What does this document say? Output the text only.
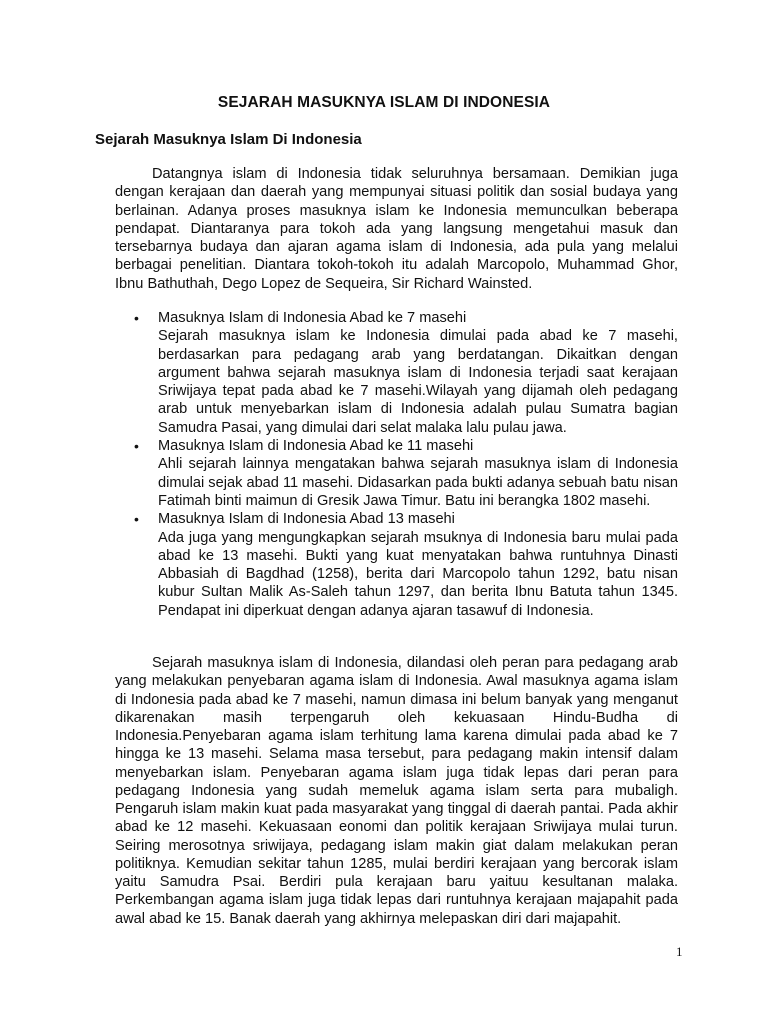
SEJARAH MASUKNYA ISLAM DI INDONESIA
Sejarah Masuknya Islam Di Indonesia

Datangnya islam di Indonesia tidak seluruhnya bersamaan. Demikian juga dengan kerajaan dan daerah yang mempunyai situasi politik dan sosial budaya yang berlainan. Adanya proses masuknya islam ke Indonesia memunculkan beberapa pendapat. Diantaranya para tokoh ada yang langsung mengetahui masuk dan tersebarnya budaya dan ajaran agama islam di Indonesia, ada pula yang melalui berbagai penelitian. Diantara tokoh-tokoh itu adalah Marcopolo, Muhammad Ghor, Ibnu Bathuthah, Dego Lopez de Sequeira, Sir Richard Wainsted.

• Masuknya Islam di Indonesia Abad ke 7 masehi
Sejarah masuknya islam ke Indonesia dimulai pada abad ke 7 masehi, berdasarkan para pedagang arab yang berdatangan. Dikaitkan dengan argument bahwa sejarah masuknya islam di Indonesia terjadi saat kerajaan Sriwijaya tepat pada abad ke 7 masehi.Wilayah yang dijamah oleh pedagang arab untuk menyebarkan islam di Indonesia adalah pulau Sumatra bagian Samudra Pasai, yang dimulai dari selat malaka lalu pulau jawa.
• Masuknya Islam di Indonesia Abad ke 11 masehi
Ahli sejarah lainnya mengatakan bahwa sejarah masuknya islam di Indonesia dimulai sejak abad 11 masehi. Didasarkan pada bukti adanya sebuah batu nisan Fatimah binti maimun di Gresik Jawa Timur. Batu ini berangka 1802 masehi.
• Masuknya Islam di Indonesia Abad 13 masehi
Ada juga yang mengungkapkan sejarah msuknya di Indonesia baru mulai pada abad ke 13 masehi. Bukti yang kuat menyatakan bahwa runtuhnya Dinasti Abbasiah di Bagdhad (1258), berita dari Marcopolo tahun 1292, batu nisan kubur Sultan Malik As-Saleh tahun 1297, dan berita Ibnu Batuta tahun 1345. Pendapat ini diperkuat dengan adanya ajaran tasawuf di Indonesia.

Sejarah masuknya islam di Indonesia, dilandasi oleh peran para pedagang arab yang melakukan penyebaran agama islam di Indonesia. Awal masuknya agama islam di Indonesia pada abad ke 7 masehi, namun dimasa ini belum banyak yang menganut dikarenakan masih terpengaruh oleh kekuasaan Hindu-Budha di Indonesia.Penyebaran agama islam terhitung lama karena dimulai pada abad ke 7 hingga ke 13 masehi. Selama masa tersebut, para pedagang makin intensif dalam menyebarkan islam. Penyebaran agama islam juga tidak lepas dari peran para pedagang Indonesia yang sudah memeluk agama islam serta para mubaligh. Pengaruh islam makin kuat pada masyarakat yang tinggal di daerah pantai. Pada akhir abad ke 12 masehi. Kekuasaan eonomi dan politik kerajaan Sriwijaya mulai turun. Seiring merosotnya sriwijaya, pedagang islam makin giat dalam melakukan peran politiknya. Kemudian sekitar tahun 1285, mulai berdiri kerajaan yang bercorak islam yaitu Samudra Psai. Berdiri pula kerajaan baru yaituu kesultanan malaka. Perkembangan agama islam juga tidak lepas dari runtuhnya kerajaan majapahit pada awal abad ke 15. Banak daerah yang akhirnya melepaskan diri dari majapahit.

1
